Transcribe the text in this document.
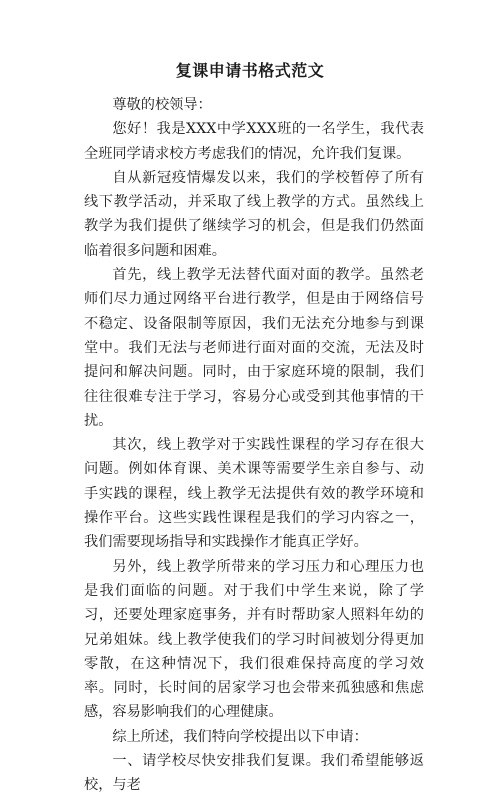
复课申请书格式范文

尊敬的校领导：

您好！我是XXX中学XXX班的一名学生，我代表全班同学请求校方考虑我们的情况，允许我们复课。

自从新冠疫情爆发以来，我们的学校暂停了所有线下教学活动，并采取了线上教学的方式。虽然线上教学为我们提供了继续学习的机会，但是我们仍然面临着很多问题和困难。

首先，线上教学无法替代面对面的教学。虽然老师们尽力通过网络平台进行教学，但是由于网络信号不稳定、设备限制等原因，我们无法充分地参与到课堂中。我们无法与老师进行面对面的交流，无法及时提问和解决问题。同时，由于家庭环境的限制，我们往往很难专注于学习，容易分心或受到其他事情的干扰。

其次，线上教学对于实践性课程的学习存在很大问题。例如体育课、美术课等需要学生亲自参与、动手实践的课程，线上教学无法提供有效的教学环境和操作平台。这些实践性课程是我们的学习内容之一，我们需要现场指导和实践操作才能真正学好。

另外，线上教学所带来的学习压力和心理压力也是我们面临的问题。对于我们中学生来说，除了学习，还要处理家庭事务，并有时帮助家人照料年幼的兄弟姐妹。线上教学使我们的学习时间被划分得更加零散，在这种情况下，我们很难保持高度的学习效率。同时，长时间的居家学习也会带来孤独感和焦虑感，容易影响我们的心理健康。

综上所述，我们特向学校提出以下申请：

一、请学校尽快安排我们复课。我们希望能够返校，与老
